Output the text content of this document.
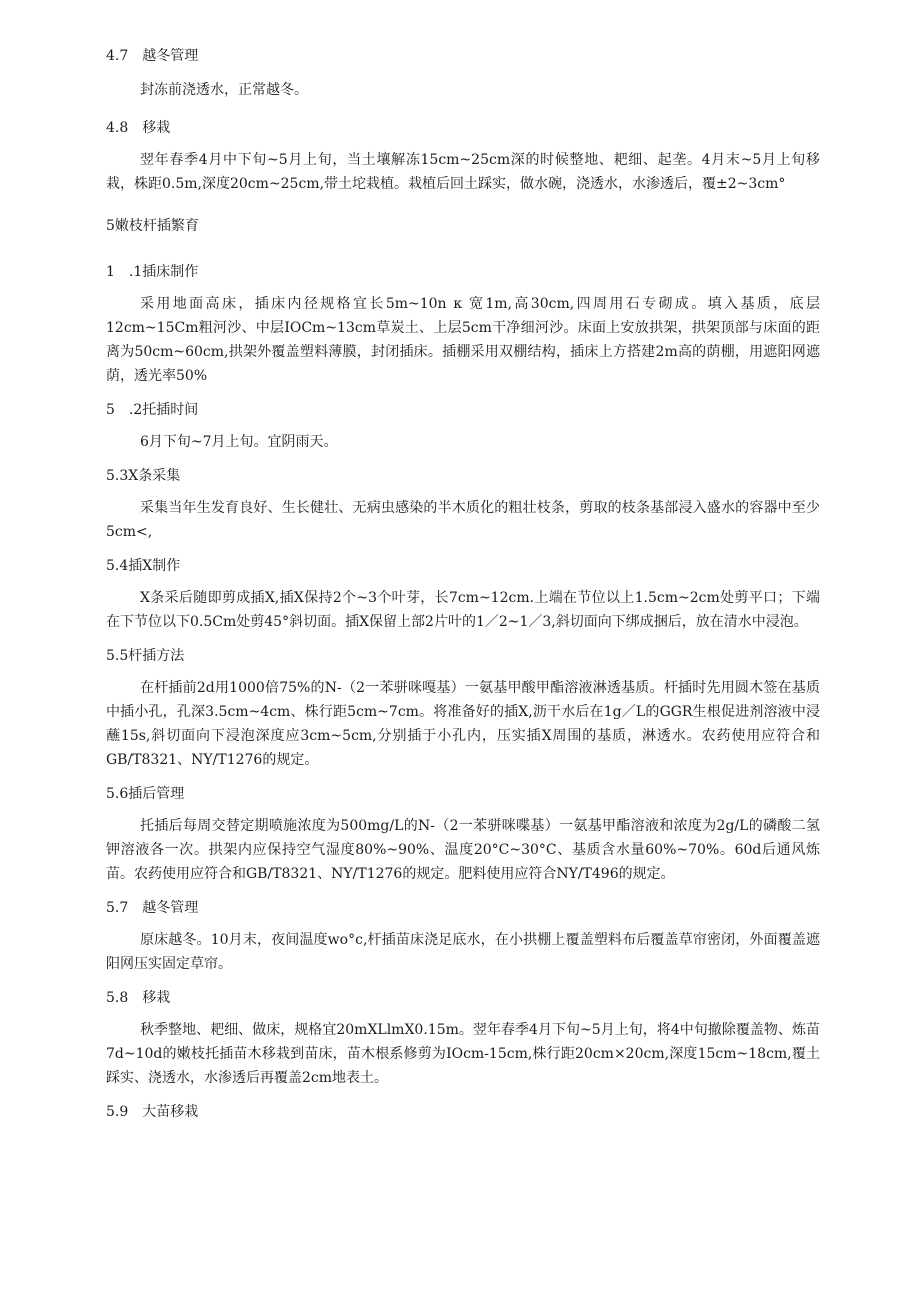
4.7　越冬管理

封冻前浇透水，正常越冬。

4.8　移栽

翌年春季4月中下旬~5月上旬，当土壤解冻15cm~25cm深的时候整地、耙细、起垄。4月末~5月上旬移栽，株距0.5m,深度20cm~25cm,带土坨栽植。栽植后回土踩实，做水碗，浇透水，水渗透后，覆±2~3cm°

5嫩枝杆插繁育

1　.1插床制作

采用地面高床，插床内径规格宜长5m~10n κ 宽1m,高30cm,四周用石专砌成。填入基质，底层12cm~15Cm粗河沙、中层IOCm~13cm草炭土、上层5cm干净细河沙。床面上安放拱架，拱架顶部与床面的距离为50cm~60cm,拱架外覆盖塑料薄膜，封闭插床。插棚采用双棚结构，插床上方搭建2m高的荫棚，用遮阳网遮荫，透光率50%

5　.2托插时间

6月下旬~7月上旬。宜阴雨天。

5.3X条采集

采集当年生发育良好、生长健壮、无病虫感染的半木质化的粗壮枝条，剪取的枝条基部浸入盛水的容器中至少5cm<,

5.4插X制作

X条采后随即剪成插X,插X保持2个~3个叶芽，长7cm~12cm.上端在节位以上1.5cm~2cm处剪平口；下端在下节位以下0.5Cm处剪45°斜切面。插X保留上部2片叶的1／2~1／3,斜切面向下绑成捆后，放在清水中浸泡。

5.5杆插方法

在杆插前2d用1000倍75%的N-（2一苯骈咪嘎基）一氨基甲酸甲酯溶液淋透基质。杆插时先用圆木签在基质中插小孔，孔深3.5cm~4cm、株行距5cm~7cm。将准备好的插X,沥干水后在1g／L的GGR生根促进剂溶液中浸蘸15s,斜切面向下浸泡深度应3cm~5cm,分别插于小孔内，压实插X周围的基质，淋透水。农药使用应符合和GB/T8321、NY/T1276的规定。

5.6插后管理

托插后每周交替定期喷施浓度为500mg/L的N-（2一苯骈咪喋基）一氨基甲酯溶液和浓度为2g/L的磷酸二氢钾溶液各一次。拱架内应保持空气湿度80%~90%、温度20°C~30°C、基质含水量60%~70%。60d后通风炼苗。农药使用应符合和GB/T8321、NY/T1276的规定。肥料使用应符合NY/T496的规定。

5.7　越冬管理

原床越冬。10月末，夜间温度wo°c,杆插苗床浇足底水，在小拱棚上覆盖塑料布后覆盖草帘密闭，外面覆盖遮阳网压实固定草帘。

5.8　移栽

秋季整地、耙细、做床，规格宜20mXLlmX0.15m。翌年春季4月下旬~5月上旬，将4中旬撤除覆盖物、炼苗7d~10d的嫩枝托插苗木移栽到苗床，苗木根系修剪为IOcm-15cm,株行距20cm×20cm,深度15cm~18cm,覆土踩实、浇透水，水渗透后再覆盖2cm地表土。

5.9　大苗移栽
